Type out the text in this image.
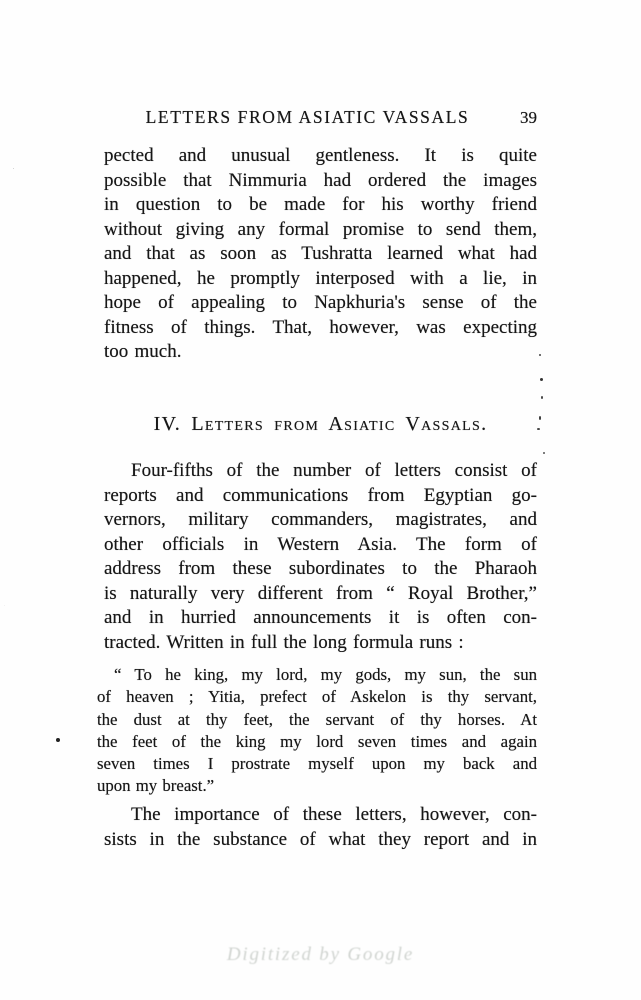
LETTERS FROM ASIATIC VASSALS	39
pected and unusual gentleness. It is quite
possible that Nimmuria had ordered the images
in question to be made for his worthy friend
without giving any formal promise to send them,
and that as soon as Tushratta learned what had
happened, he promptly interposed with a lie, in
hope of appealing to Napkhuria's sense of the
fitness of things. That, however, was expecting
too much.
IV. Letters from Asiatic Vassals.
Four-fifths of the number of letters consist of
reports and communications from Egyptian go-
vernors, military commanders, magistrates, and
other officials in Western Asia. The form of
address from these subordinates to the Pharaoh
is naturally very different from “ Royal Brother,”
and in hurried announcements it is often con-
tracted. Written in full the long formula runs :
“ To he king, my lord, my gods, my sun, the sun
of heaven ; Yitia, prefect of Askelon is thy servant,
the dust at thy feet, the servant of thy horses. At
the feet of the king my lord seven times and again
seven times I prostrate myself upon my back and
upon my breast.”
The importance of these letters, however, con-
sists in the substance of what they report and in
Digitized by Google
